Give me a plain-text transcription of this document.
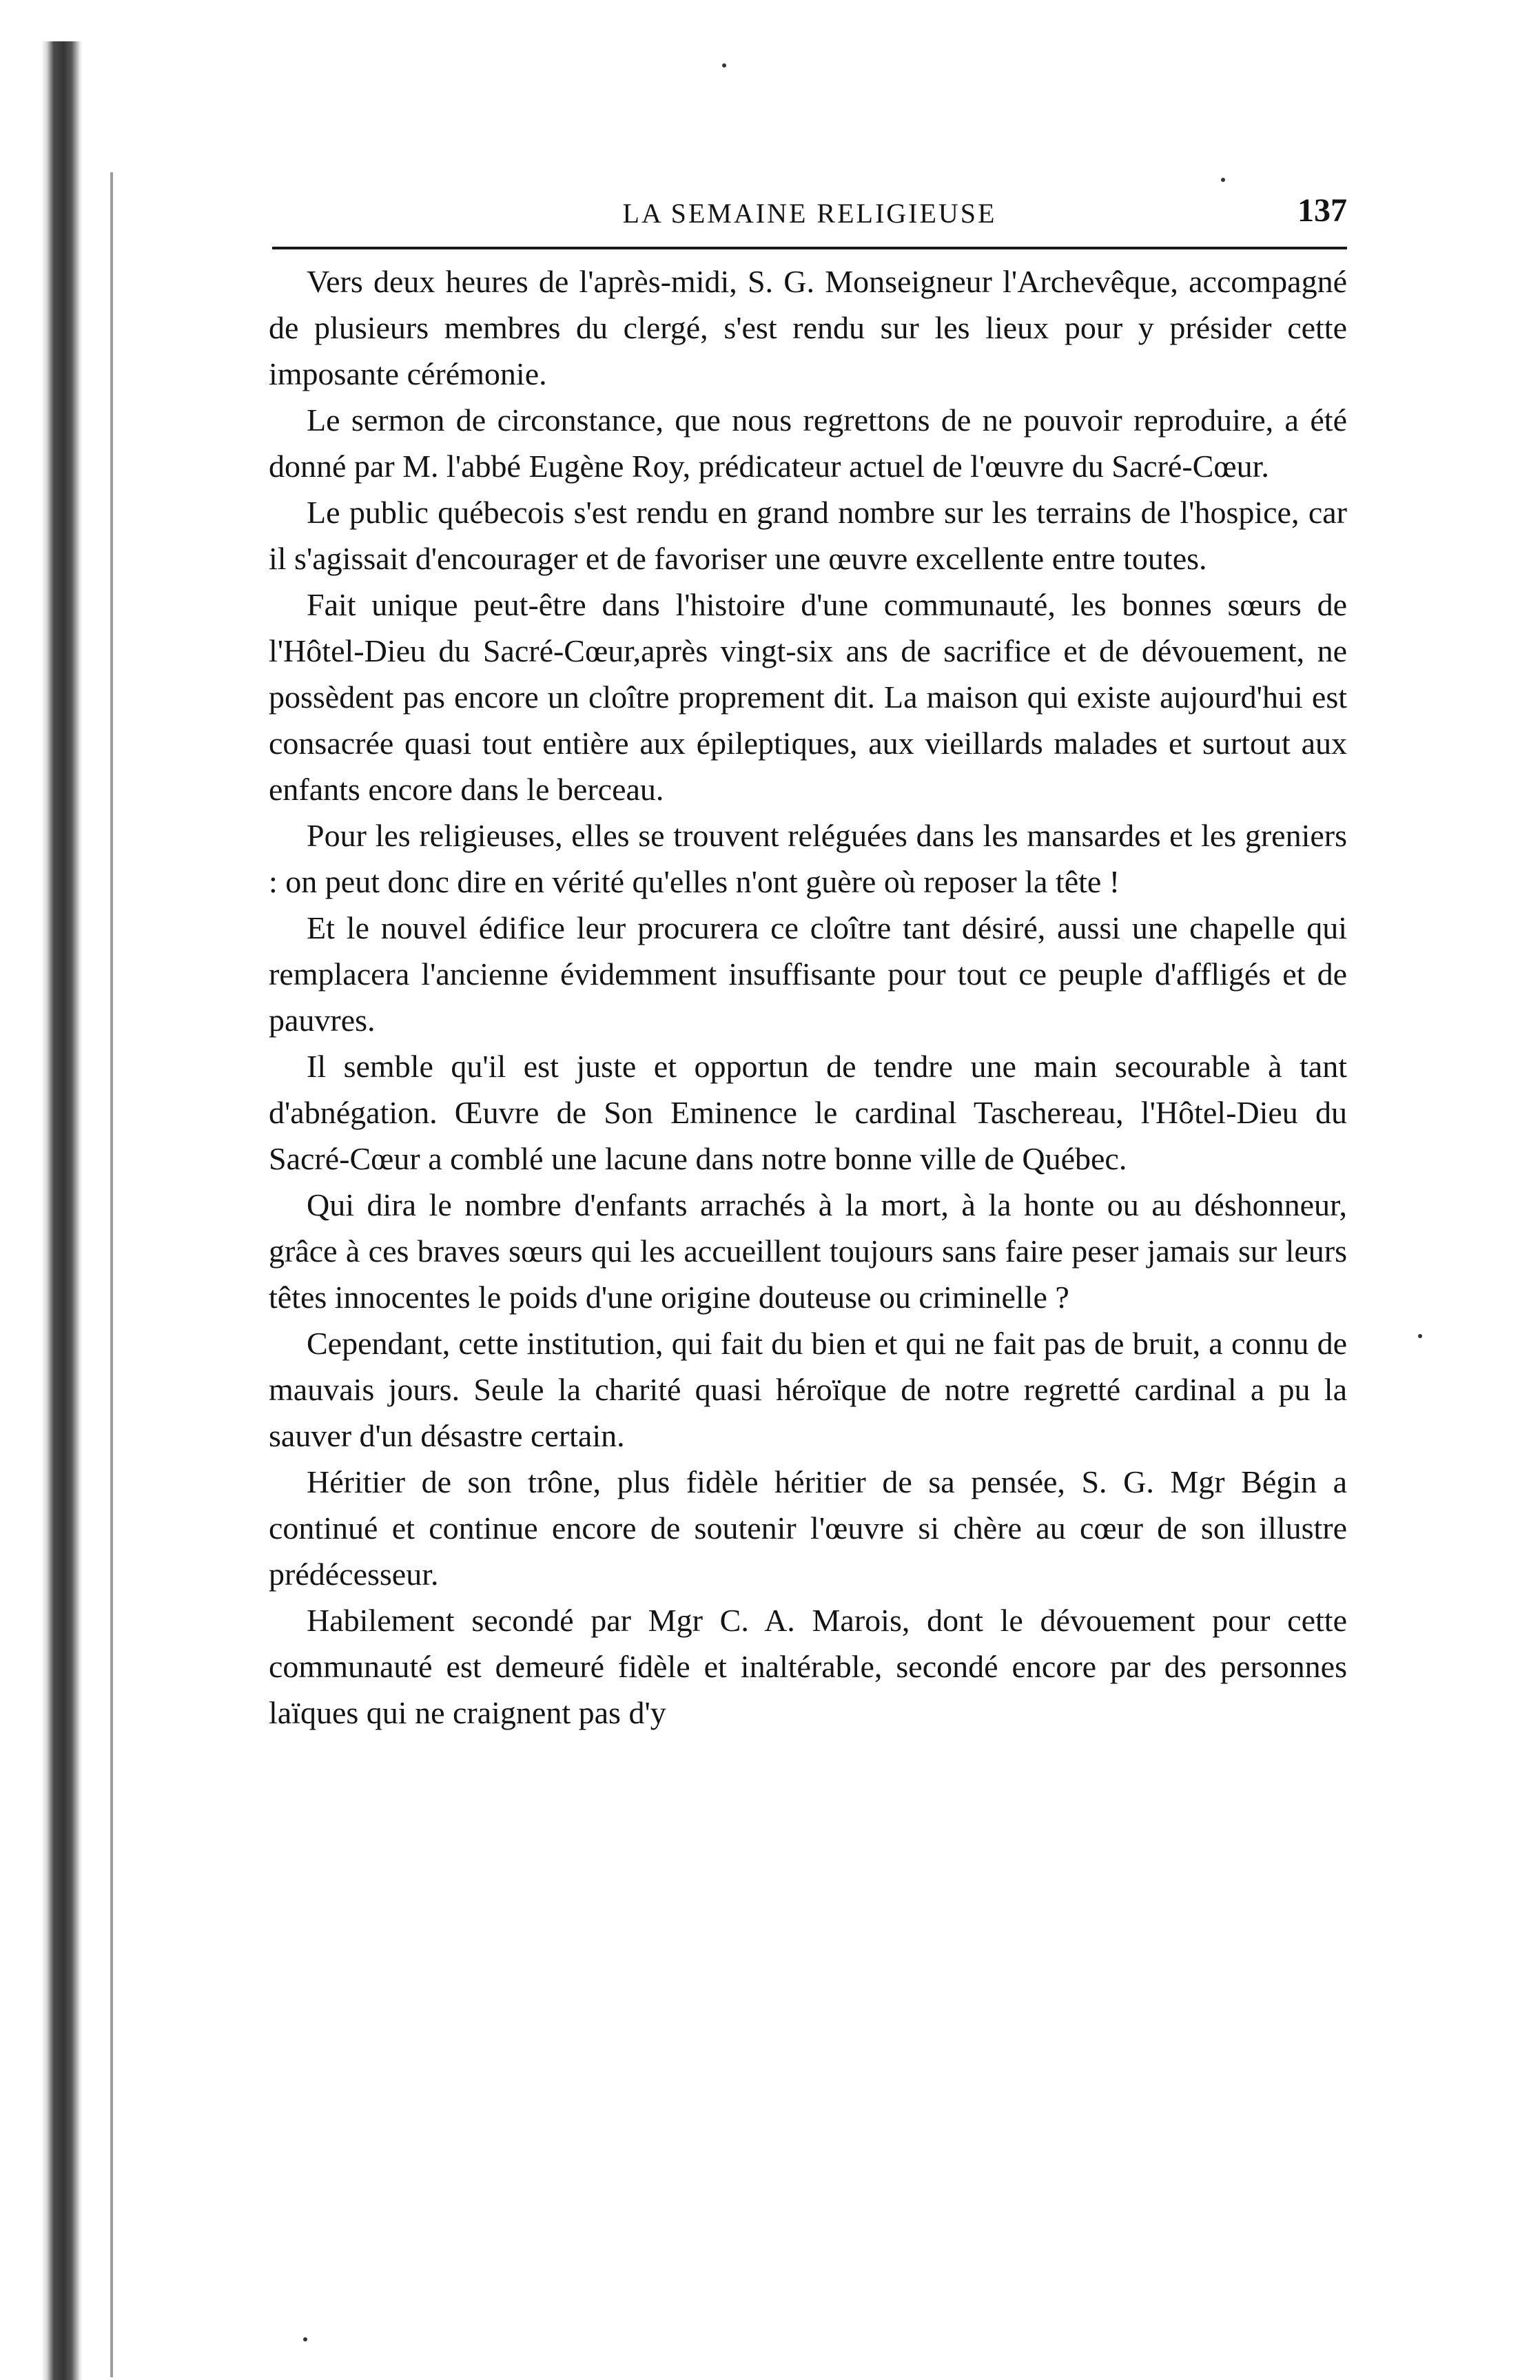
LA SEMAINE RELIGIEUSE	137

Vers deux heures de l'après-midi, S. G. Monseigneur l'Archevêque, accompagné de plusieurs membres du clergé, s'est rendu sur les lieux pour y présider cette imposante cérémonie.

Le sermon de circonstance, que nous regrettons de ne pouvoir reproduire, a été donné par M. l'abbé Eugène Roy, prédicateur actuel de l'œuvre du Sacré-Cœur.

Le public québecois s'est rendu en grand nombre sur les terrains de l'hospice, car il s'agissait d'encourager et de favoriser une œuvre excellente entre toutes.

Fait unique peut-être dans l'histoire d'une communauté, les bonnes sœurs de l'Hôtel-Dieu du Sacré-Cœur,après vingt-six ans de sacrifice et de dévouement, ne possèdent pas encore un cloître proprement dit. La maison qui existe aujourd'hui est consacrée quasi tout entière aux épileptiques, aux vieillards malades et surtout aux enfants encore dans le berceau.

Pour les religieuses, elles se trouvent reléguées dans les mansardes et les greniers : on peut donc dire en vérité qu'elles n'ont guère où reposer la tête !

Et le nouvel édifice leur procurera ce cloître tant désiré, aussi une chapelle qui remplacera l'ancienne évidemment insuffisante pour tout ce peuple d'affligés et de pauvres.

Il semble qu'il est juste et opportun de tendre une main secourable à tant d'abnégation. Œuvre de Son Eminence le cardinal Taschereau, l'Hôtel-Dieu du Sacré-Cœur a comblé une lacune dans notre bonne ville de Québec.

Qui dira le nombre d'enfants arrachés à la mort, à la honte ou au déshonneur, grâce à ces braves sœurs qui les accueillent toujours sans faire peser jamais sur leurs têtes innocentes le poids d'une origine douteuse ou criminelle ?

Cependant, cette institution, qui fait du bien et qui ne fait pas de bruit, a connu de mauvais jours. Seule la charité quasi héroïque de notre regretté cardinal a pu la sauver d'un désastre certain.

Héritier de son trône, plus fidèle héritier de sa pensée, S. G. Mgr Bégin a continué et continue encore de soutenir l'œuvre si chère au cœur de son illustre prédécesseur.

Habilement secondé par Mgr C. A. Marois, dont le dévouement pour cette communauté est demeuré fidèle et inaltérable, secondé encore par des personnes laïques qui ne craignent pas d'y
